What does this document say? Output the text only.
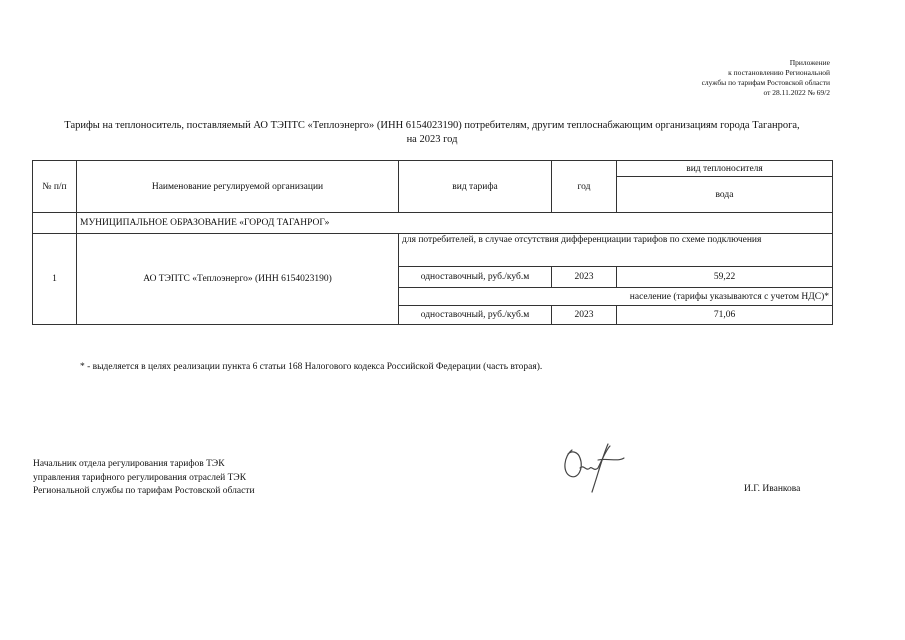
Приложение
к постановлению Региональной
службы по тарифам Ростовской области
от 28.11.2022 № 69/2
Тарифы на теплоноситель, поставляемый АО ТЭПТС «Теплоэнерго» (ИНН 6154023190) потребителям, другим теплоснабжающим организациям города Таганрога,
на 2023 год
№ п/п	Наименование регулируемой организации	вид тарифа	год	вид теплоносителя
				вода
	МУНИЦИПАЛЬНОЕ ОБРАЗОВАНИЕ «ГОРОД ТАГАНРОГ»			
1	АО ТЭПТС «Теплоэнерго» (ИНН 6154023190)	для потребителей, в случае отсутствия дифференциации тарифов по схеме подключения		
		одноставочный, руб./куб.м	2023	59,22
		население (тарифы указываются с учетом НДС)*		
		одноставочный, руб./куб.м	2023	71,06
* - выделяется в целях реализации пункта 6 статьи 168 Налогового кодекса Российской Федерации (часть вторая).
Начальник отдела регулирования тарифов ТЭК
управления тарифного регулирования отраслей ТЭК
Региональной службы по тарифам Ростовской области	И.Г. Иванкова
